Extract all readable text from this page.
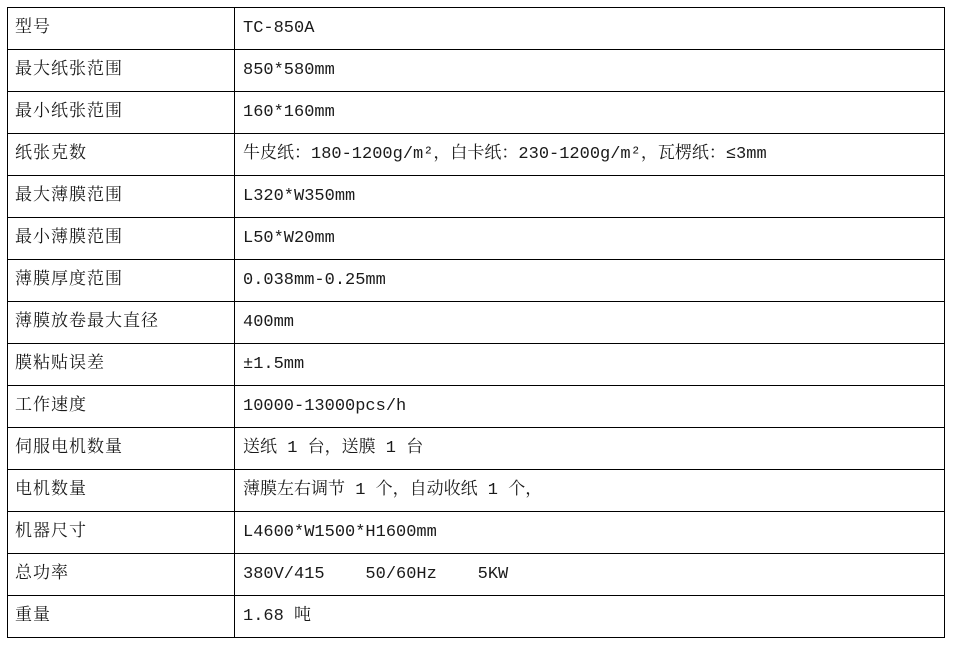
型号	TC-850A
最大纸张范围	850*580mm
最小纸张范围	160*160mm
纸张克数	牛皮纸：180-1200g/m²，白卡纸：230-1200g/m²，瓦楞纸：≤3mm
最大薄膜范围	L320*W350mm
最小薄膜范围	L50*W20mm
薄膜厚度范围	0.038mm-0.25mm
薄膜放卷最大直径	400mm
膜粘贴误差	±1.5mm
工作速度	10000-13000pcs/h
伺服电机数量	送纸 1 台，送膜 1 台
电机数量	薄膜左右调节 1 个，自动收纸 1 个，
机器尺寸	L4600*W1500*H1600mm
总功率	380V/415    50/60Hz    5KW
重量	1.68 吨
